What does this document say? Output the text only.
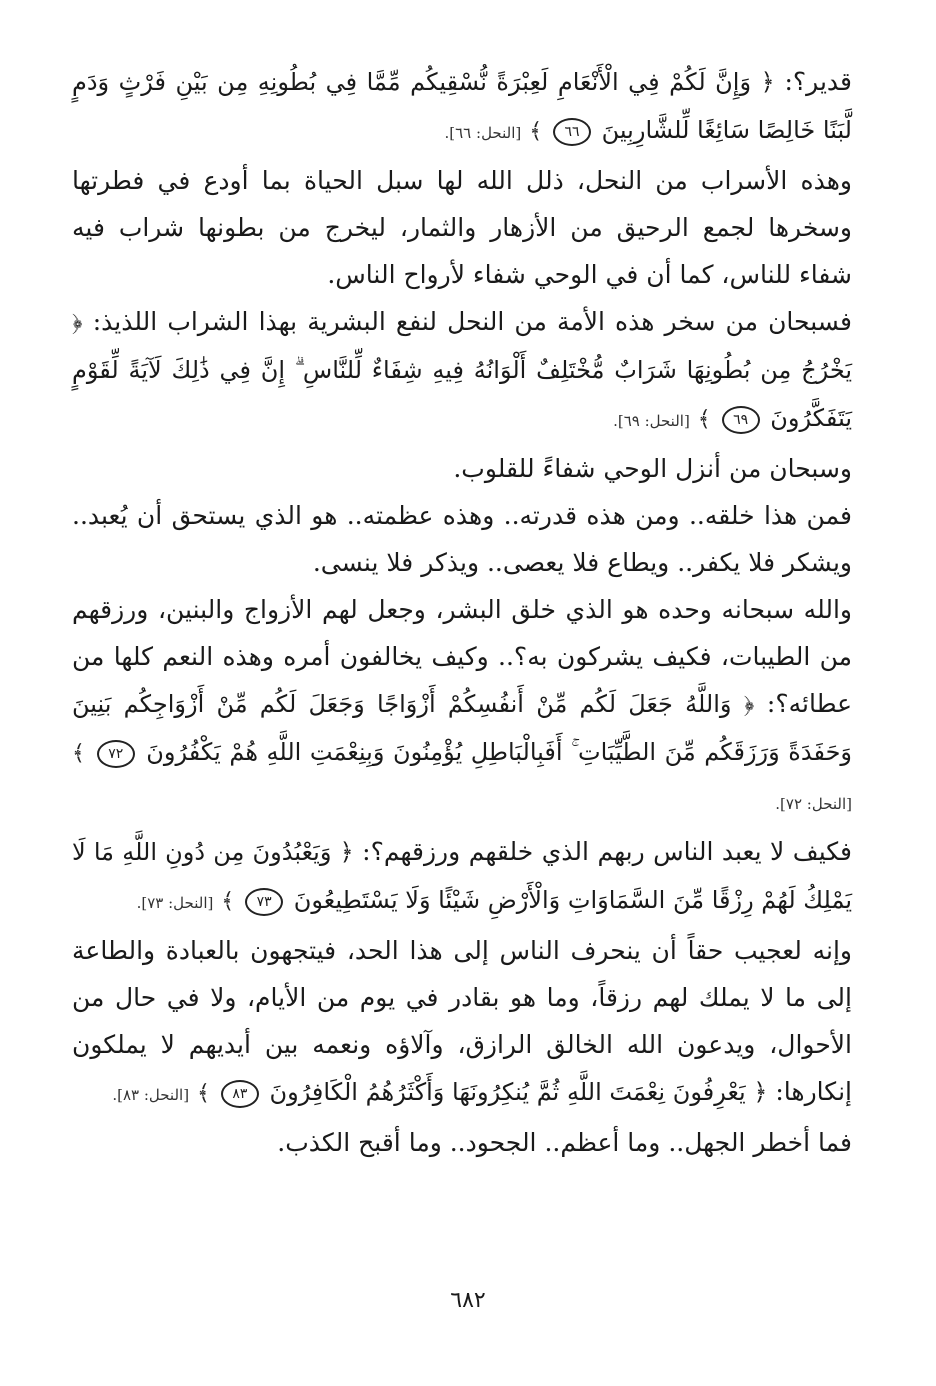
قدير؟: ﴿ وَإِنَّ لَكُمْ فِي الْأَنْعَامِ لَعِبْرَةً نُّسْقِيكُم مِّمَّا فِي بُطُونِهِ مِن بَيْنِ فَرْثٍ وَدَمٍ لَّبَنًا خَالِصًا سَائِغًا لِّلشَّارِبِينَ ٦٦ ﴾ [النحل: ٦٦].

وهذه الأسراب من النحل، ذلل الله لها سبل الحياة بما أودع في فطرتها وسخرها لجمع الرحيق من الأزهار والثمار، ليخرج من بطونها شراب فيه شفاء للناس، كما أن في الوحي شفاء لأرواح الناس.

فسبحان من سخر هذه الأمة من النحل لنفع البشرية بهذا الشراب اللذيذ: ﴿ يَخْرُجُ مِن بُطُونِهَا شَرَابٌ مُّخْتَلِفٌ أَلْوَانُهُ فِيهِ شِفَاءٌ لِّلنَّاسِ ۗ إِنَّ فِي ذَٰلِكَ لَآيَةً لِّقَوْمٍ يَتَفَكَّرُونَ ٦٩ ﴾ [النحل: ٦٩].

وسبحان من أنزل الوحي شفاءً للقلوب.

فمن هذا خلقه.. ومن هذه قدرته.. وهذه عظمته.. هو الذي يستحق أن يُعبد.. ويشكر فلا يكفر.. ويطاع فلا يعصى.. ويذكر فلا ينسى.

والله سبحانه وحده هو الذي خلق البشر، وجعل لهم الأزواج والبنين، ورزقهم من الطيبات، فكيف يشركون به؟.. وكيف يخالفون أمره وهذه النعم كلها من عطائه؟: ﴿ وَاللَّهُ جَعَلَ لَكُم مِّنْ أَنفُسِكُمْ أَزْوَاجًا وَجَعَلَ لَكُم مِّنْ أَزْوَاجِكُم بَنِينَ وَحَفَدَةً وَرَزَقَكُم مِّنَ الطَّيِّبَاتِ ۚ أَفَبِالْبَاطِلِ يُؤْمِنُونَ وَبِنِعْمَتِ اللَّهِ هُمْ يَكْفُرُونَ ٧٢ ﴾ [النحل: ٧٢].

فكيف لا يعبد الناس ربهم الذي خلقهم ورزقهم؟: ﴿ وَيَعْبُدُونَ مِن دُونِ اللَّهِ مَا لَا يَمْلِكُ لَهُمْ رِزْقًا مِّنَ السَّمَاوَاتِ وَالْأَرْضِ شَيْئًا وَلَا يَسْتَطِيعُونَ ٧٣ ﴾ [النحل: ٧٣].

وإنه لعجيب حقاً أن ينحرف الناس إلى هذا الحد، فيتجهون بالعبادة والطاعة إلى ما لا يملك لهم رزقاً، وما هو بقادر في يوم من الأيام، ولا في حال من الأحوال، ويدعون الله الخالق الرازق، وآلاؤه ونعمه بين أيديهم لا يملكون إنكارها: ﴿ يَعْرِفُونَ نِعْمَتَ اللَّهِ ثُمَّ يُنكِرُونَهَا وَأَكْثَرُهُمُ الْكَافِرُونَ ٨٣ ﴾ [النحل: ٨٣].

فما أخطر الجهل.. وما أعظم.. الجحود.. وما أقبح الكذب.

٦٨٢
